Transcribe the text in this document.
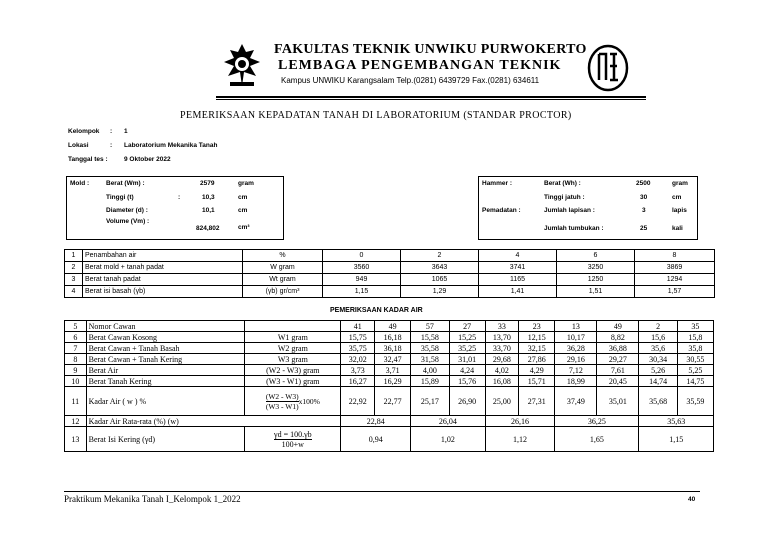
FAKULTAS TEKNIK UNWIKU PURWOKERTO
LEMBAGA PENGEMBANGAN TEKNIK
Kampus UNWIKU Karangsalam Telp.(0281) 6439729 Fax.(0281) 634611
PEMERIKSAAN KEPADATAN TANAH DI LABORATORIUM (STANDAR PROCTOR)
Kelompok : 1
Lokasi	: Laboratorium Mekanika Tanah
Tanggal tes :	9 Oktober 2022
Mold :	Berat (Wm) :	2579	gram
Tinggi (t)	:	10,3	cm
Diameter (d) :	10,1	cm
Volume (Vm) :
824,802	cm³
Hammer :	Berat (Wh) :	2500	gram
Tinggi jatuh :	30	cm
Pemadatan :	Jumlah lapisan :	3	lapis
Jumlah tumbukan :	25	kali
1	Penambahan air	%	0	2	4	6	8
2	Berat mold + tanah padat	W gram	3560	3643	3741	3250	3869
3	Berat tanah padat	Wt gram	949	1065	1165	1250	1294
4	Berat isi basah (γb)	(γb) gr/cm³	1,15	1,29	1,41	1,51	1,57
PEMERIKSAAN KADAR AIR
5	Nomor Cawan		41	49	57	27	33	23	13	49	2	35
6	Berat Cawan Kosong	W1 gram	15,75	16,18	15,58	15,25	13,70	12,15	10,17	8,82	15,6	15,8
7	Berat Cawan + Tanah Basah	W2 gram	35,75	36,18	35,58	35,25	33,70	32,15	36,28	36,88	35,6	35,8
8	Berat Cawan + Tanah Kering	W3 gram	32,02	32,47	31,58	31,01	29,68	27,86	29,16	29,27	30,34	30,55
9	Berat Air	(W2 - W3) gram	3,73	3,71	4,00	4,24	4,02	4,29	7,12	7,61	5,26	5,25
10	Berat Tanah Kering	(W3 - W1) gram	16,27	16,29	15,89	15,76	16,08	15,71	18,99	20,45	14,74	14,75
11	Kadar Air ( w ) %	$\frac{(W2 - W3)}{(W3 - W1)} x100\%$	22,92	22,77	25,17	26,90	25,00	27,31	37,49	35,01	35,68	35,59
12	Kadar Air Rata-rata (%) (w)		22,84		26,04		26,16		36,25		35,63	
13	Berat Isi Kering (γd)	$\frac{\gamma d = 100.\gamma b}{100+w}$	0,94		1,02		1,12		1,65		1,15	
Praktikum Mekanika Tanah I_Kelompok 1_2022	40
